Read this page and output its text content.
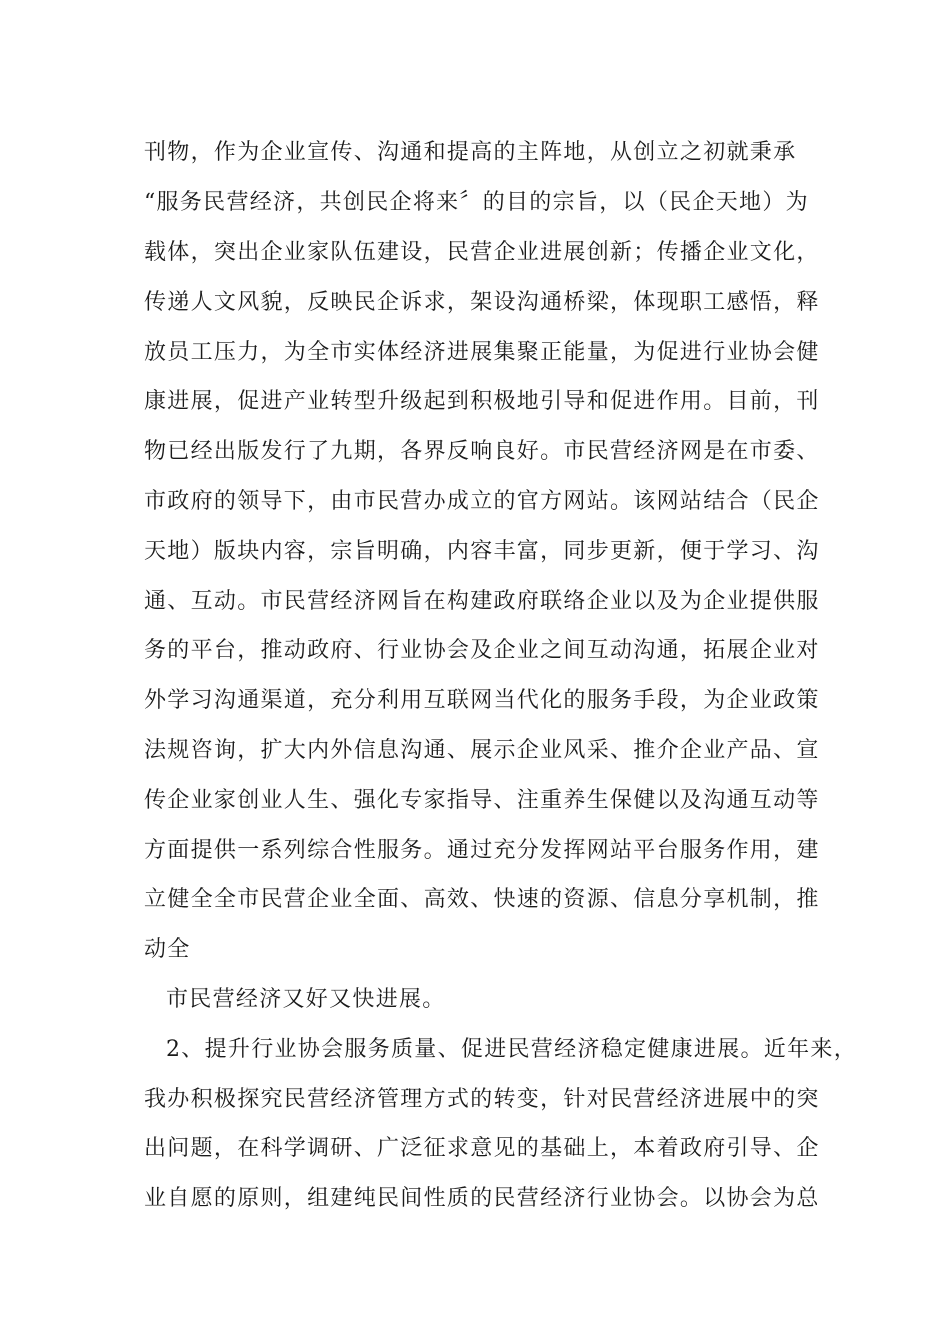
刊物，作为企业宣传、沟通和提高的主阵地，从创立之初就秉承
“服务民营经济，共创民企将来〞的目的宗旨，以（民企天地）为
载体，突出企业家队伍建设，民营企业进展创新；传播企业文化，
传递人文风貌，反映民企诉求，架设沟通桥梁，体现职工感悟，释
放员工压力，为全市实体经济进展集聚正能量，为促进行业协会健
康进展，促进产业转型升级起到积极地引导和促进作用。目前，刊
物已经出版发行了九期，各界反响良好。市民营经济网是在市委、
市政府的领导下，由市民营办成立的官方网站。该网站结合（民企
天地）版块内容，宗旨明确，内容丰富，同步更新，便于学习、沟
通、互动。市民营经济网旨在构建政府联络企业以及为企业提供服
务的平台，推动政府、行业协会及企业之间互动沟通，拓展企业对
外学习沟通渠道，充分利用互联网当代化的服务手段，为企业政策
法规咨询，扩大内外信息沟通、展示企业风采、推介企业产品、宣
传企业家创业人生、强化专家指导、注重养生保健以及沟通互动等
方面提供一系列综合性服务。通过充分发挥网站平台服务作用，建
立健全全市民营企业全面、高效、快速的资源、信息分享机制，推
动全
市民营经济又好又快进展。
2、提升行业协会服务质量、促进民营经济稳定健康进展。近年来，
我办积极探究民营经济管理方式的转变，针对民营经济进展中的突
出问题，在科学调研、广泛征求意见的基础上，本着政府引导、企
业自愿的原则，组建纯民间性质的民营经济行业协会。以协会为总
